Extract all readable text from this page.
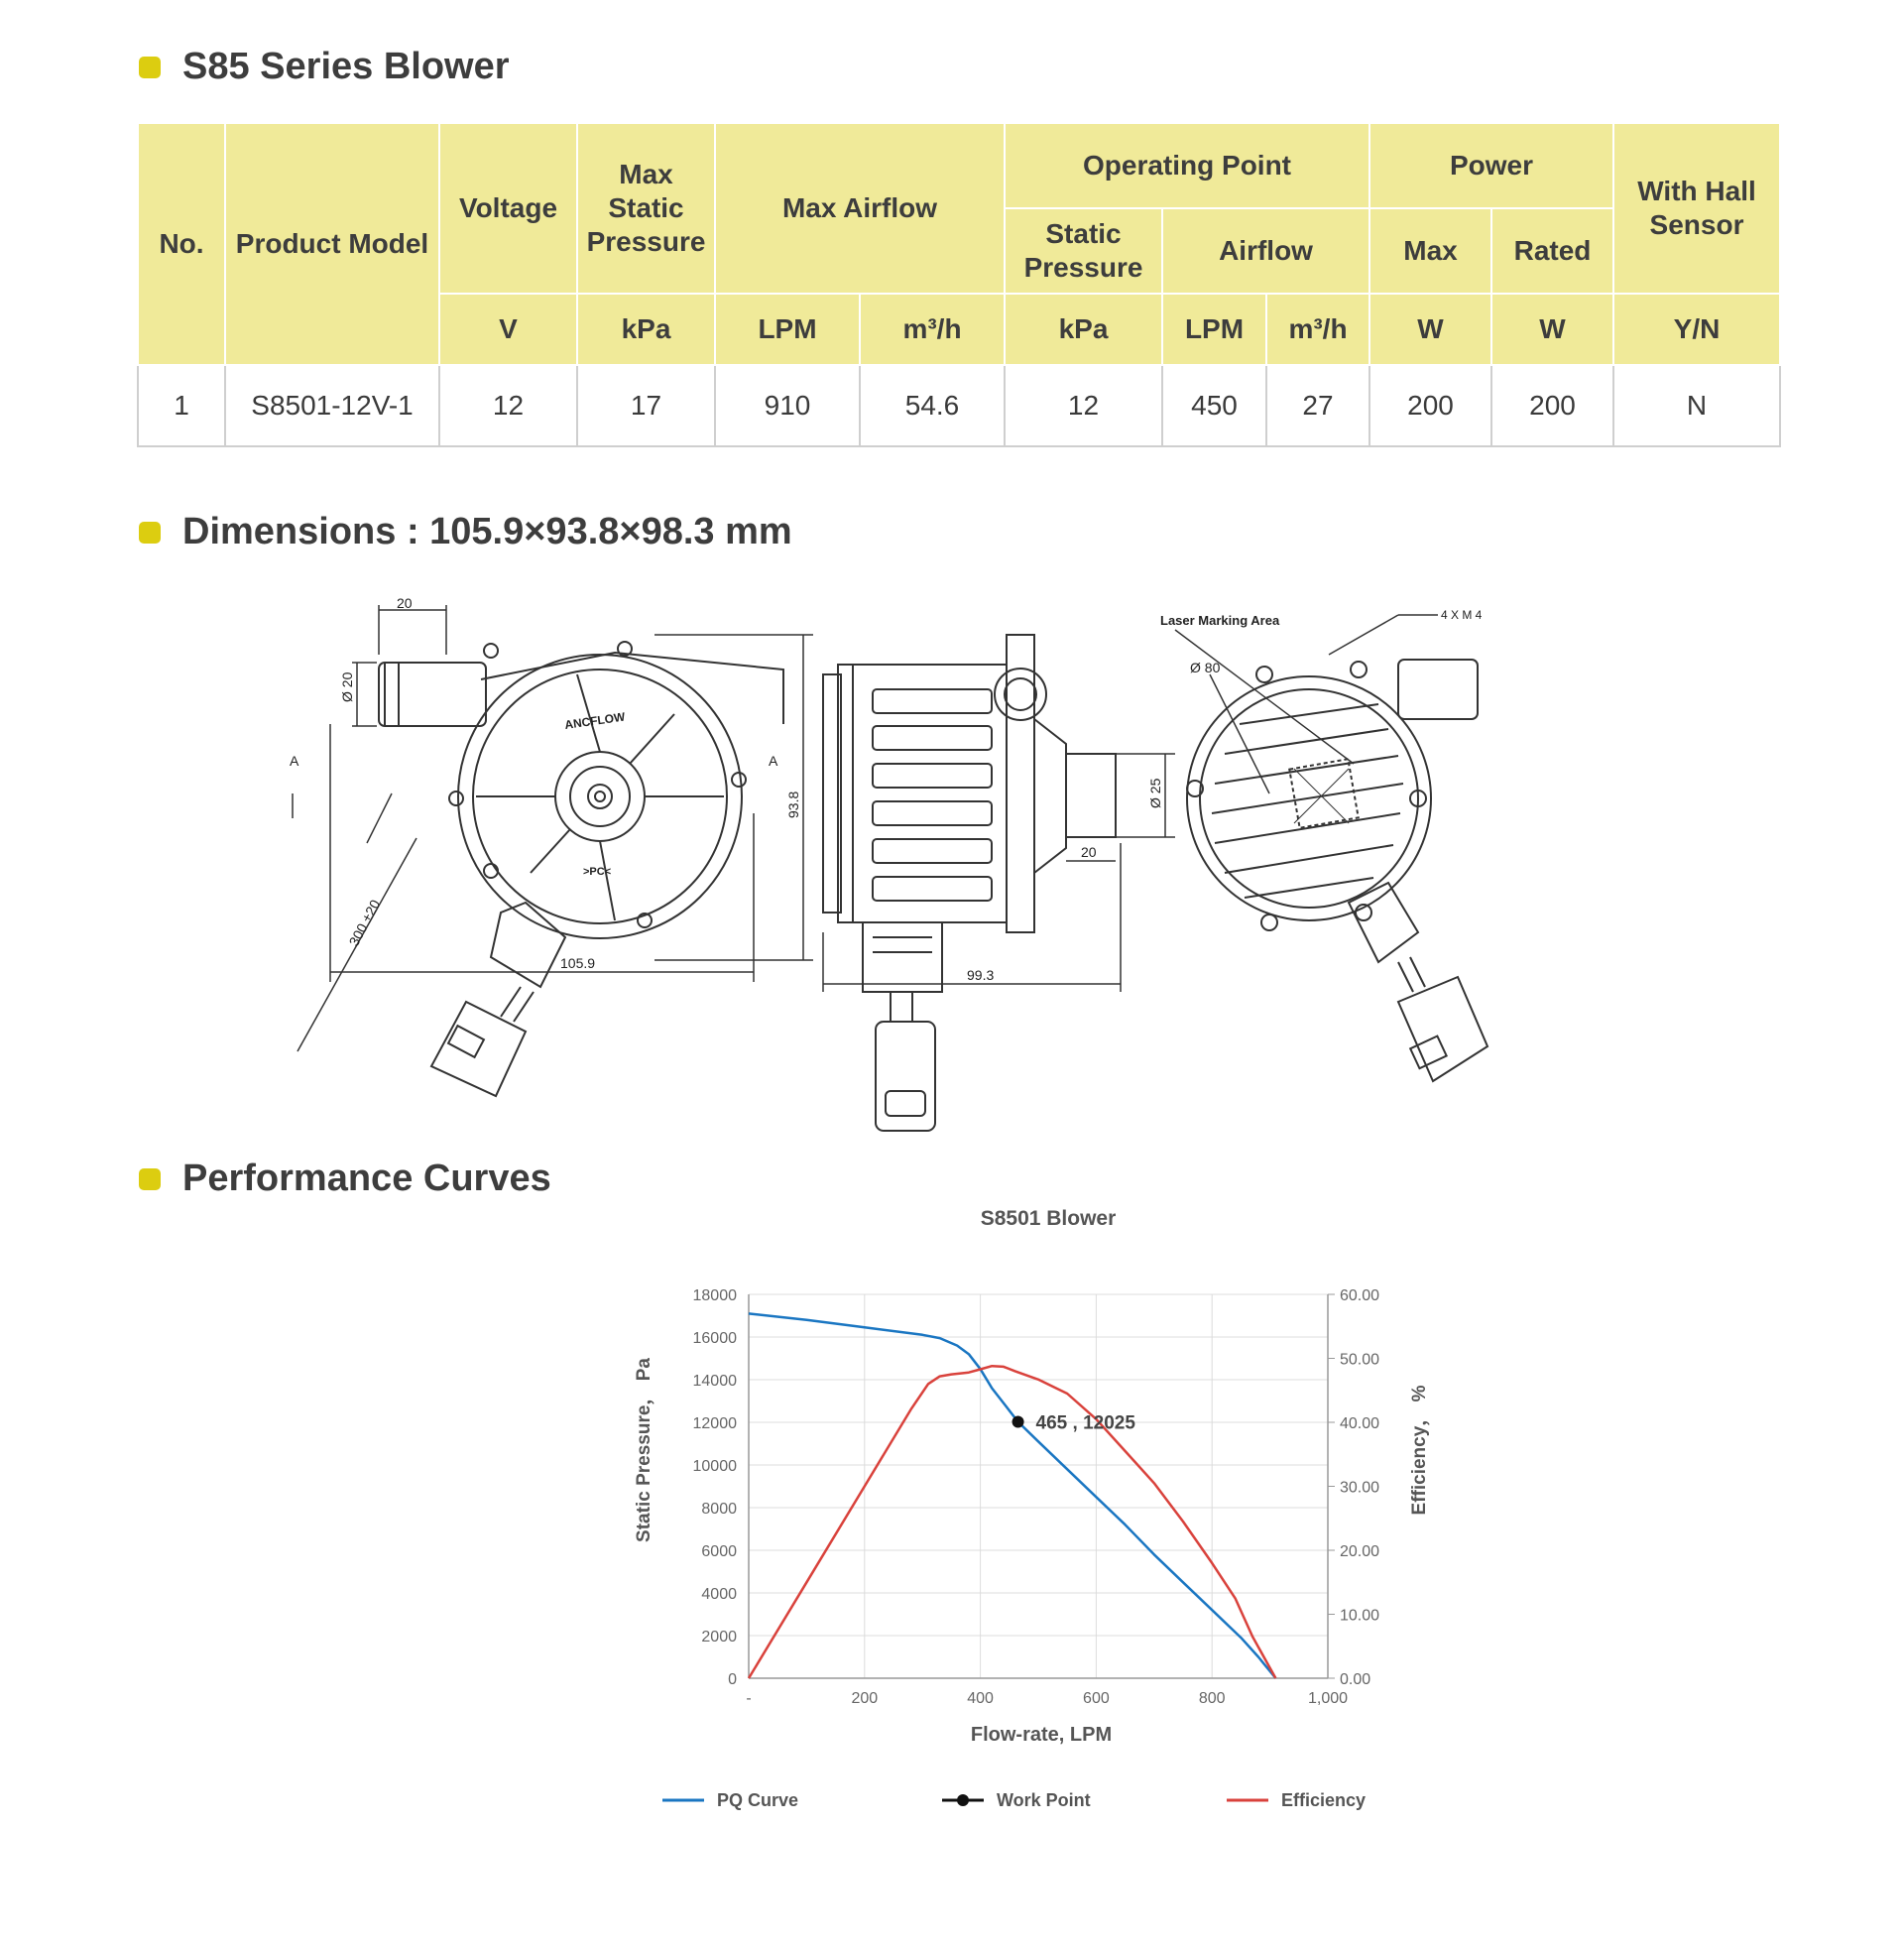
S85 Series Blower
No.	Product Model	Voltage	Max Static Pressure	Max Airflow		Operating Point			Power		With Hall Sensor
						Static Pressure	Airflow		Max	Rated	
		V	kPa	LPM	m³/h	kPa	LPM	m³/h	W	W	Y/N
1	S8501-12V-1	12	17	910	54.6	12	450	27	200	200	N
Dimensions : 105.9×93.8×98.3 mm
20
Ø 20
ANCFLOW
>PC<
93.8
105.9
300 ±20
A	A
99.3
Ø 25
20
Laser Marking Area
Ø 80
4 X M 4
Performance Curves
S8501 Blower
0
2000
4000
6000
8000
10000
12000
14000
16000
18000
-	200	400	600	800	1,000
0.00
10.00
20.00
30.00
40.00
50.00
60.00
Flow-rate, LPM
Static Pressure， Pa	Efficiency， %
465 , 12025
PQ Curve	Work Point	Efficiency
